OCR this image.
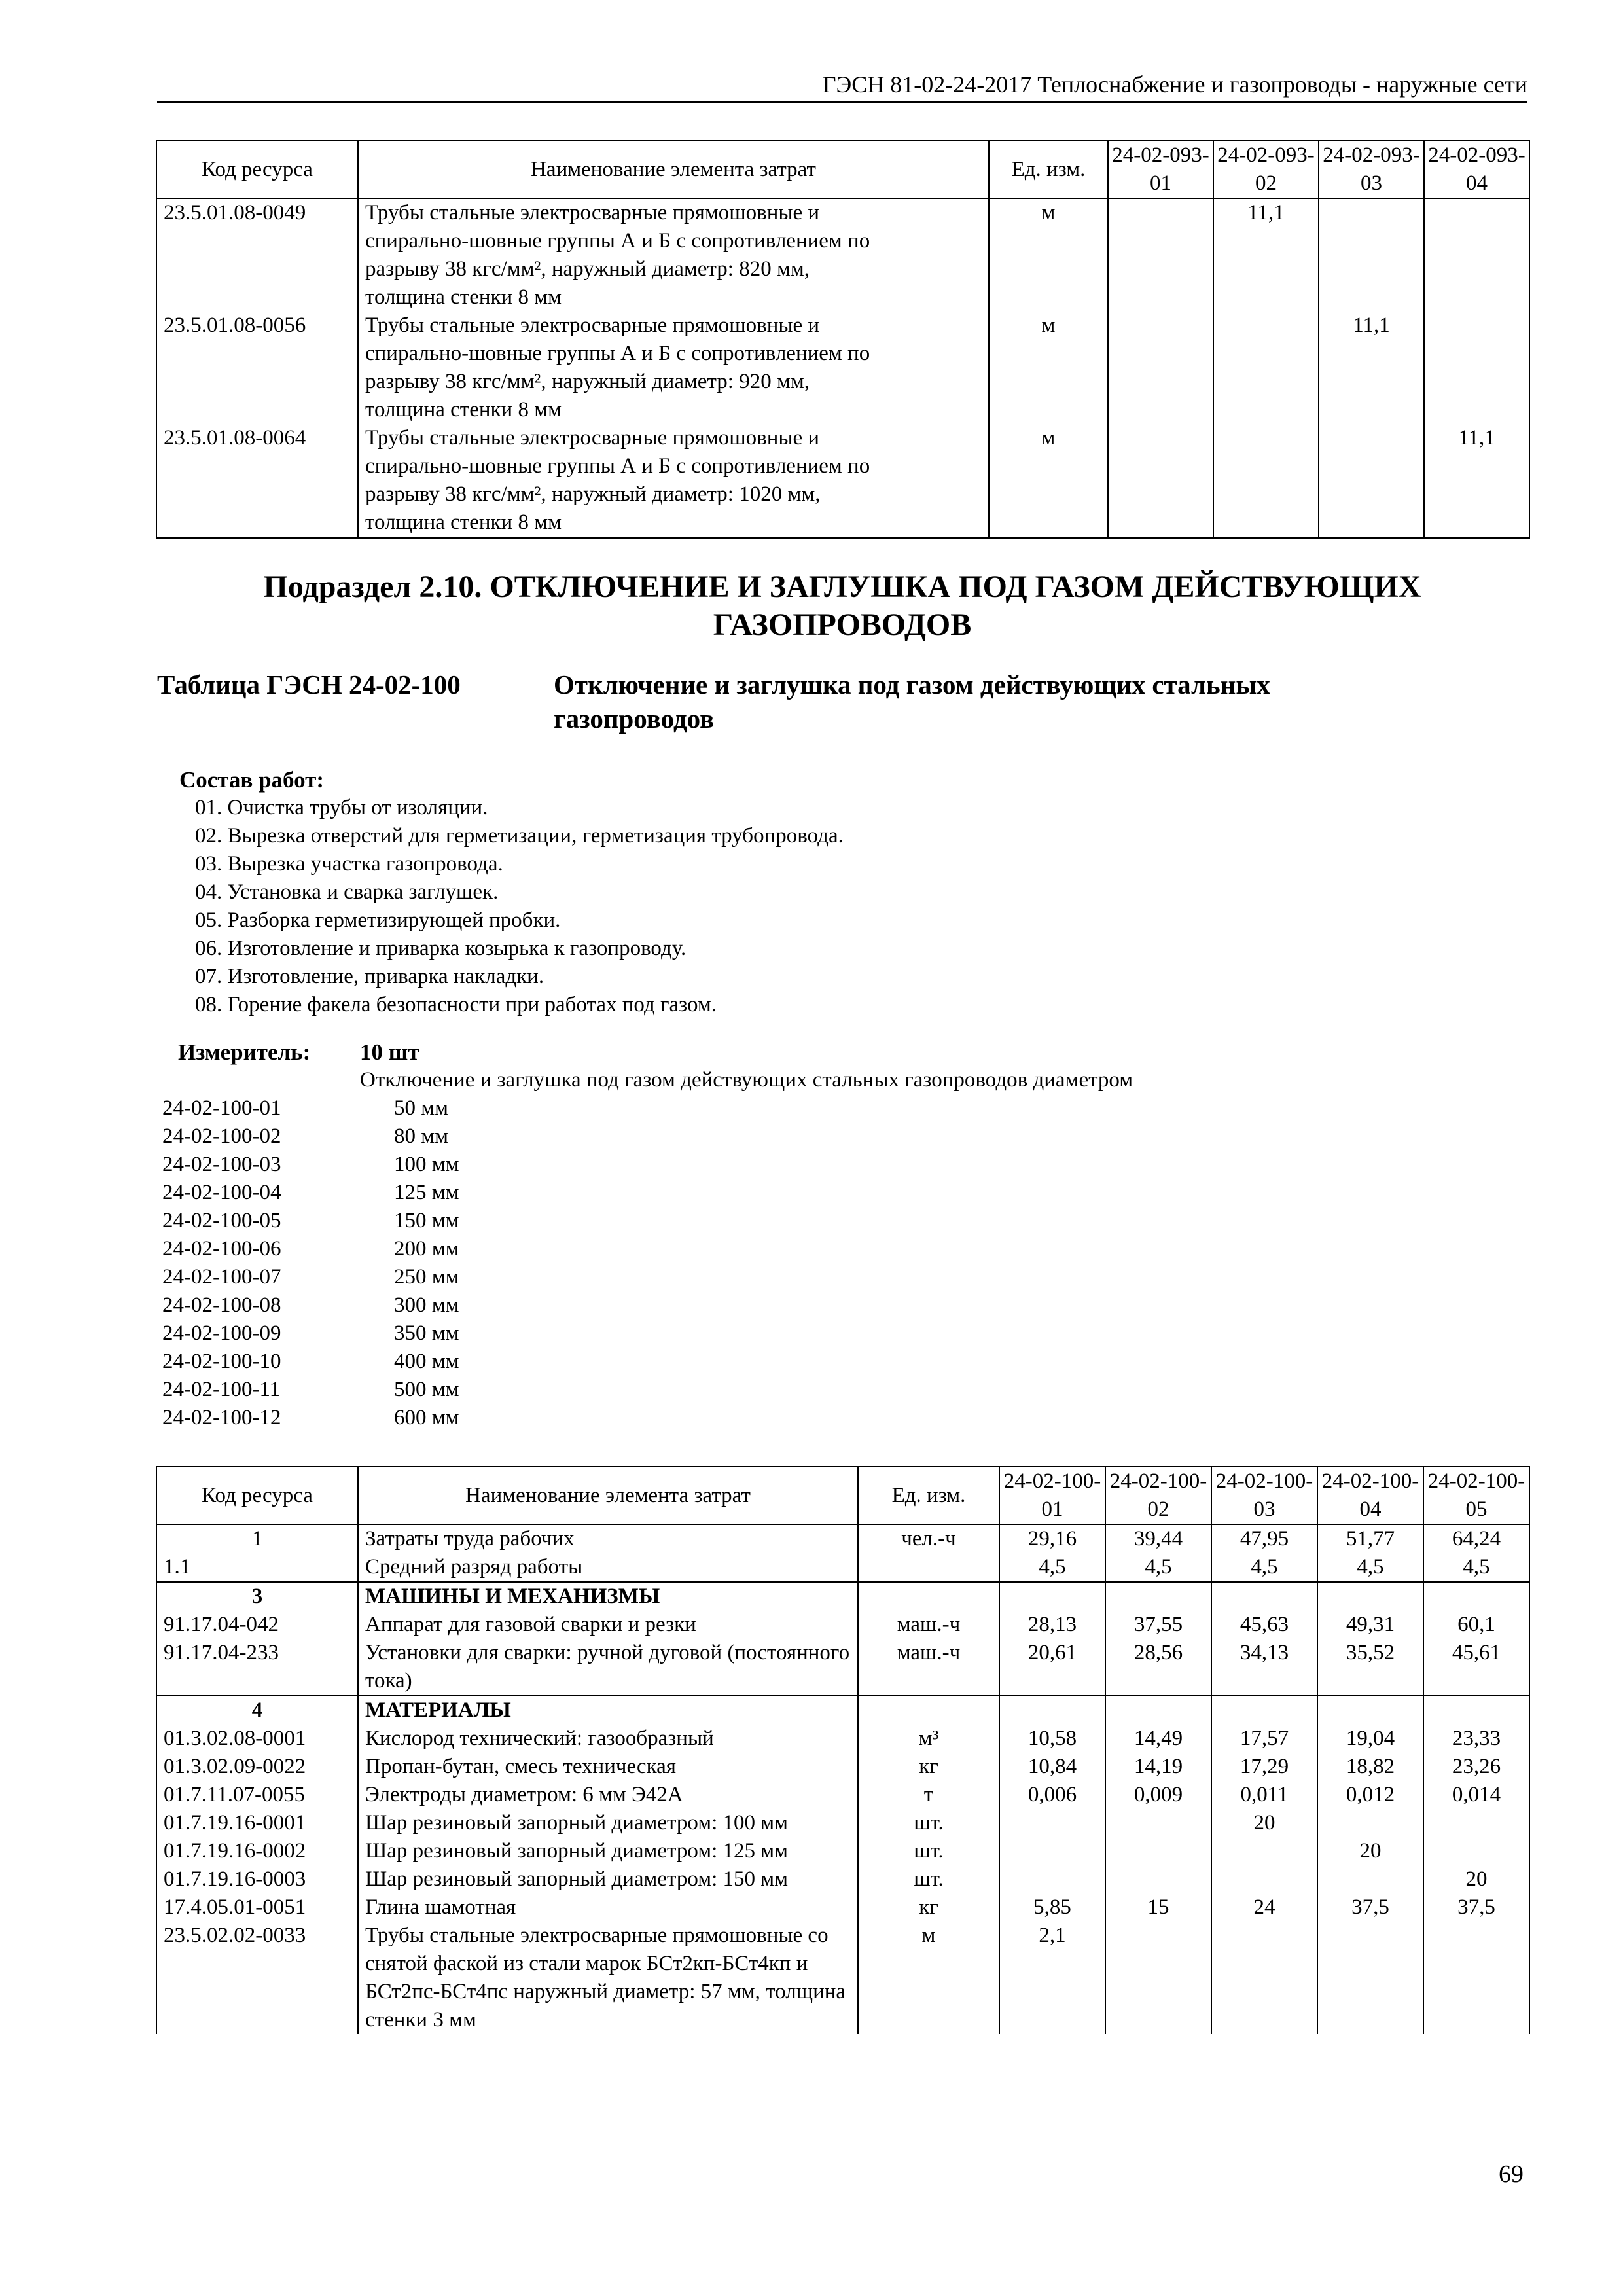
ГЭСН 81-02-24-2017 Теплоснабжение и газопроводы - наружные сети
Код ресурса	Наименование элемента затрат	Ед. изм.	24-02-093-01	24-02-093-02	24-02-093-03	24-02-093-04
23.5.01.08-0049	Трубы стальные электросварные прямошовные и
спирально-шовные группы А и Б с сопротивлением по
разрыву 38 кгс/мм², наружный диаметр: 820 мм,
толщина стенки 8 мм	м		11,1		
23.5.01.08-0056	Трубы стальные электросварные прямошовные и
спирально-шовные группы А и Б с сопротивлением по
разрыву 38 кгс/мм², наружный диаметр: 920 мм,
толщина стенки 8 мм	м			11,1	
23.5.01.08-0064	Трубы стальные электросварные прямошовные и
спирально-шовные группы А и Б с сопротивлением по
разрыву 38 кгс/мм², наружный диаметр: 1020 мм,
толщина стенки 8 мм	м				11,1
Подраздел 2.10. ОТКЛЮЧЕНИЕ И ЗАГЛУШКА ПОД ГАЗОМ ДЕЙСТВУЮЩИХ
ГАЗОПРОВОДОВ
Таблица ГЭСН 24-02-100	Отключение и заглушка под газом действующих стальных
газопроводов
Состав работ:
01. Очистка трубы от изоляции.
02. Вырезка отверстий для герметизации, герметизация трубопровода.
03. Вырезка участка газопровода.
04. Установка и сварка заглушек.
05. Разборка герметизирующей пробки.
06. Изготовление и приварка козырька к газопроводу.
07. Изготовление, приварка накладки.
08. Горение факела безопасности при работах под газом.
Измеритель: 10 шт
Отключение и заглушка под газом действующих стальных газопроводов диаметром
24-02-100-01	50 мм
24-02-100-02	80 мм
24-02-100-03	100 мм
24-02-100-04	125 мм
24-02-100-05	150 мм
24-02-100-06	200 мм
24-02-100-07	250 мм
24-02-100-08	300 мм
24-02-100-09	350 мм
24-02-100-10	400 мм
24-02-100-11	500 мм
24-02-100-12	600 мм
Код ресурса	Наименование элемента затрат	Ед. изм.	24-02-100-01	24-02-100-02	24-02-100-03	24-02-100-04	24-02-100-05
1	Затраты труда рабочих	чел.-ч	29,16	39,44	47,95	51,77	64,24
1.1	Средний разряд работы		4,5	4,5	4,5	4,5	4,5
3	МАШИНЫ И МЕХАНИЗМЫ						
91.17.04-042	Аппарат для газовой сварки и резки	маш.-ч	28,13	37,55	45,63	49,31	60,1
91.17.04-233	Установки для сварки: ручной дуговой (постоянного тока)	маш.-ч	20,61	28,56	34,13	35,52	45,61
4	МАТЕРИАЛЫ						
01.3.02.08-0001	Кислород технический: газообразный	м³	10,58	14,49	17,57	19,04	23,33
01.3.02.09-0022	Пропан-бутан, смесь техническая	кг	10,84	14,19	17,29	18,82	23,26
01.7.11.07-0055	Электроды диаметром: 6 мм Э42А	т	0,006	0,009	0,011	0,012	0,014
01.7.19.16-0001	Шар резиновый запорный диаметром: 100 мм	шт.			20		
01.7.19.16-0002	Шар резиновый запорный диаметром: 125 мм	шт.				20	
01.7.19.16-0003	Шар резиновый запорный диаметром: 150 мм	шт.					20
17.4.05.01-0051	Глина шамотная	кг	5,85	15	24	37,5	37,5
23.5.02.02-0033	Трубы стальные электросварные прямошовные со снятой фаской из стали марок БСт2кп-БСт4кп и БСт2пс-БСт4пс наружный диаметр: 57 мм, толщина стенки 3 мм	м	2,1				
69
